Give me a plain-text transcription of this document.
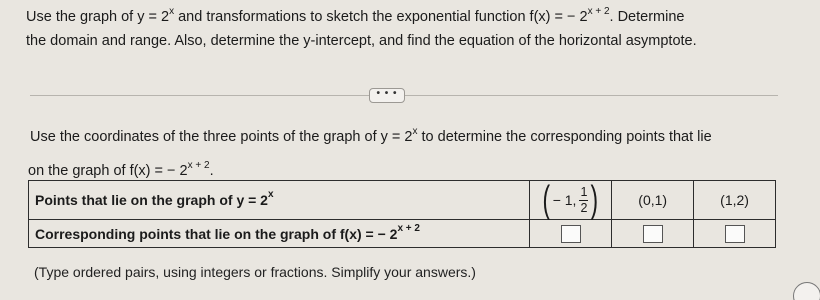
Use the graph of $y = 2^x$ and transformations to sketch the exponential function f(x) = − $2^{x + 2}$. Determine
the domain and range. Also, determine the y-intercept, and find the equation of the horizontal asymptote.
• • •
Use the coordinates of the three points of the graph of $y = 2^x$ to determine the corresponding points that lie
on the graph of f(x) = − $2^{x + 2}$.
Points that lie on the graph of $y = 2^x$	( − 1, $\frac{1}{2}$ )	(0,1)	(1,2)
Corresponding points that lie on the graph of f(x) = − $2^{x + 2}$			
(Type ordered pairs, using integers or fractions. Simplify your answers.)
